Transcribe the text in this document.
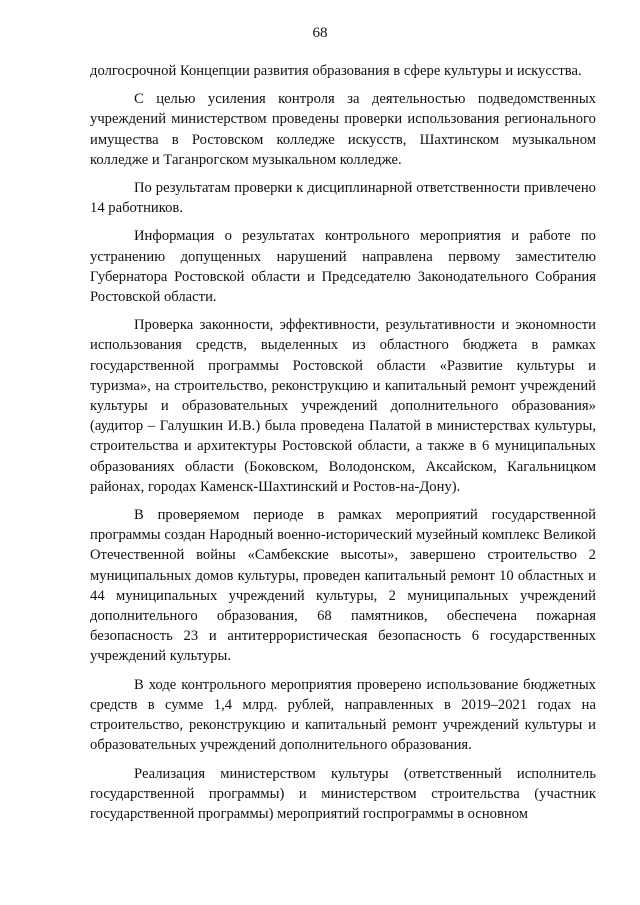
68

долгосрочной Концепции развития образования в сфере культуры и искусства.

С целью усиления контроля за деятельностью подведомственных учреждений министерством проведены проверки использования регионального имущества в Ростовском колледже искусств, Шахтинском музыкальном колледже и Таганрогском музыкальном колледже.

По результатам проверки к дисциплинарной ответственности привлечено 14 работников.

Информация о результатах контрольного мероприятия и работе по устранению допущенных нарушений направлена первому заместителю Губернатора Ростовской области и Председателю Законодательного Собрания Ростовской области.

Проверка законности, эффективности, результативности и экономности использования средств, выделенных из областного бюджета в рамках государственной программы Ростовской области «Развитие культуры и туризма», на строительство, реконструкцию и капитальный ремонт учреждений культуры и образовательных учреждений дополнительного образования» (аудитор – Галушкин И.В.) была проведена Палатой в министерствах культуры, строительства и архитектуры Ростовской области, а также в 6 муниципальных образованиях области (Боковском, Володонском, Аксайском, Кагальницком районах, городах Каменск-Шахтинский и Ростов-на-Дону).

В проверяемом периоде в рамках мероприятий государственной программы создан Народный военно-исторический музейный комплекс Великой Отечественной войны «Самбекские высоты», завершено строительство 2 муниципальных домов культуры, проведен капитальный ремонт 10 областных и 44 муниципальных учреждений культуры, 2 муниципальных учреждений дополнительного образования, 68 памятников, обеспечена пожарная безопасность 23 и антитеррористическая безопасность 6 государственных учреждений культуры.

В ходе контрольного мероприятия проверено использование бюджетных средств в сумме 1,4 млрд. рублей, направленных в 2019–2021 годах на строительство, реконструкцию и капитальный ремонт учреждений культуры и образовательных учреждений дополнительного образования.

Реализация министерством культуры (ответственный исполнитель государственной программы) и министерством строительства (участник государственной программы) мероприятий госпрограммы в основном
